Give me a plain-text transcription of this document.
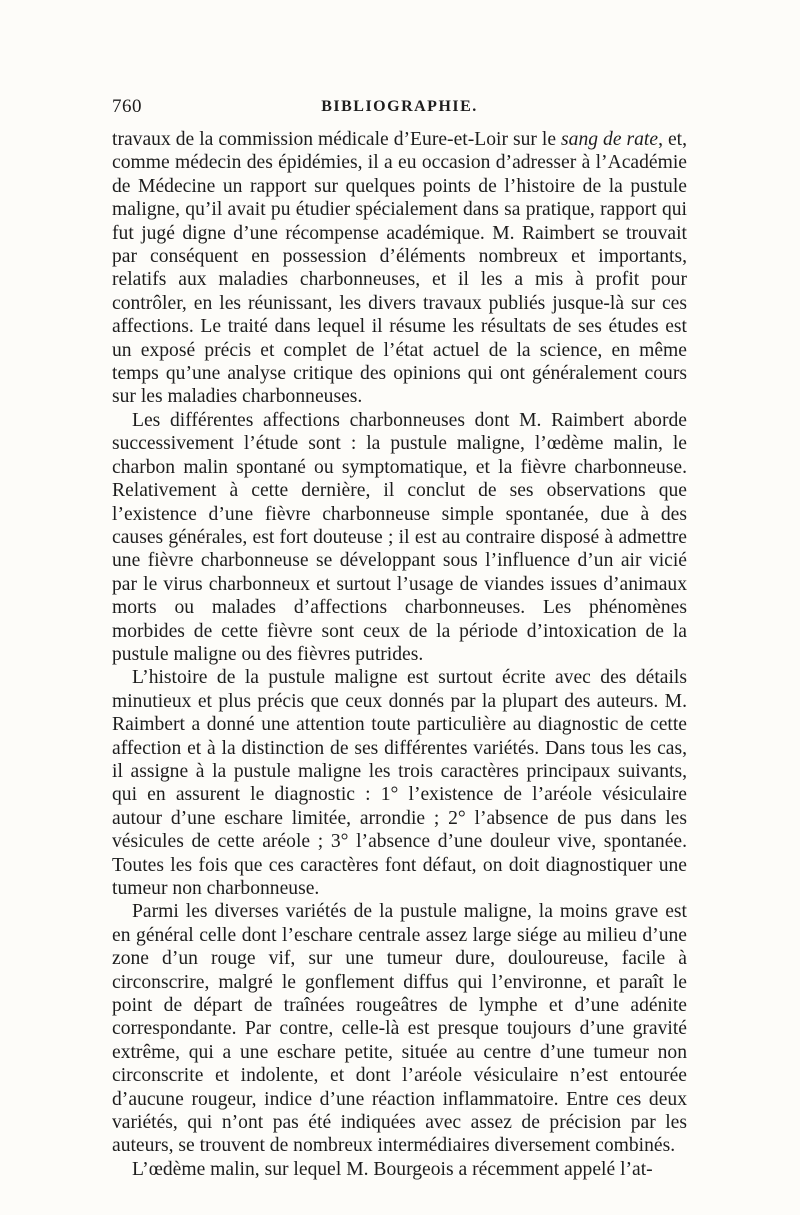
760	BIBLIOGRAPHIE.

travaux de la commission médicale d’Eure-et-Loir sur le sang de rate, et, comme médecin des épidémies, il a eu occasion d’adresser à l’Académie de Médecine un rapport sur quelques points de l’histoire de la pustule maligne, qu’il avait pu étudier spécialement dans sa pratique, rapport qui fut jugé digne d’une récompense académique. M. Raimbert se trouvait par conséquent en possession d’éléments nombreux et importants, relatifs aux maladies charbonneuses, et il les a mis à profit pour contrôler, en les réunissant, les divers travaux publiés jusque-là sur ces affections. Le traité dans lequel il résume les résultats de ses études est un exposé précis et complet de l’état actuel de la science, en même temps qu’une analyse critique des opinions qui ont généralement cours sur les maladies charbonneuses.

Les différentes affections charbonneuses dont M. Raimbert aborde successivement l’étude sont : la pustule maligne, l’œdème malin, le charbon malin spontané ou symptomatique, et la fièvre charbonneuse. Relativement à cette dernière, il conclut de ses observations que l’existence d’une fièvre charbonneuse simple spontanée, due à des causes générales, est fort douteuse ; il est au contraire disposé à admettre une fièvre charbonneuse se développant sous l’influence d’un air vicié par le virus charbonneux et surtout l’usage de viandes issues d’animaux morts ou malades d’affections charbonneuses. Les phénomènes morbides de cette fièvre sont ceux de la période d’intoxication de la pustule maligne ou des fièvres putrides.

L’histoire de la pustule maligne est surtout écrite avec des détails minutieux et plus précis que ceux donnés par la plupart des auteurs. M. Raimbert a donné une attention toute particulière au diagnostic de cette affection et à la distinction de ses différentes variétés. Dans tous les cas, il assigne à la pustule maligne les trois caractères principaux suivants, qui en assurent le diagnostic : 1° l’existence de l’aréole vésiculaire autour d’une eschare limitée, arrondie ; 2° l’absence de pus dans les vésicules de cette aréole ; 3° l’absence d’une douleur vive, spontanée. Toutes les fois que ces caractères font défaut, on doit diagnostiquer une tumeur non charbonneuse.

Parmi les diverses variétés de la pustule maligne, la moins grave est en général celle dont l’eschare centrale assez large siége au milieu d’une zone d’un rouge vif, sur une tumeur dure, douloureuse, facile à circonscrire, malgré le gonflement diffus qui l’environne, et paraît le point de départ de traînées rougeâtres de lymphe et d’une adénite correspondante. Par contre, celle-là est presque toujours d’une gravité extrême, qui a une eschare petite, située au centre d’une tumeur non circonscrite et indolente, et dont l’aréole vésiculaire n’est entourée d’aucune rougeur, indice d’une réaction inflammatoire. Entre ces deux variétés, qui n’ont pas été indiquées avec assez de précision par les auteurs, se trouvent de nombreux intermédiaires diversement combinés.

L’œdème malin, sur lequel M. Bourgeois a récemment appelé l’at-
